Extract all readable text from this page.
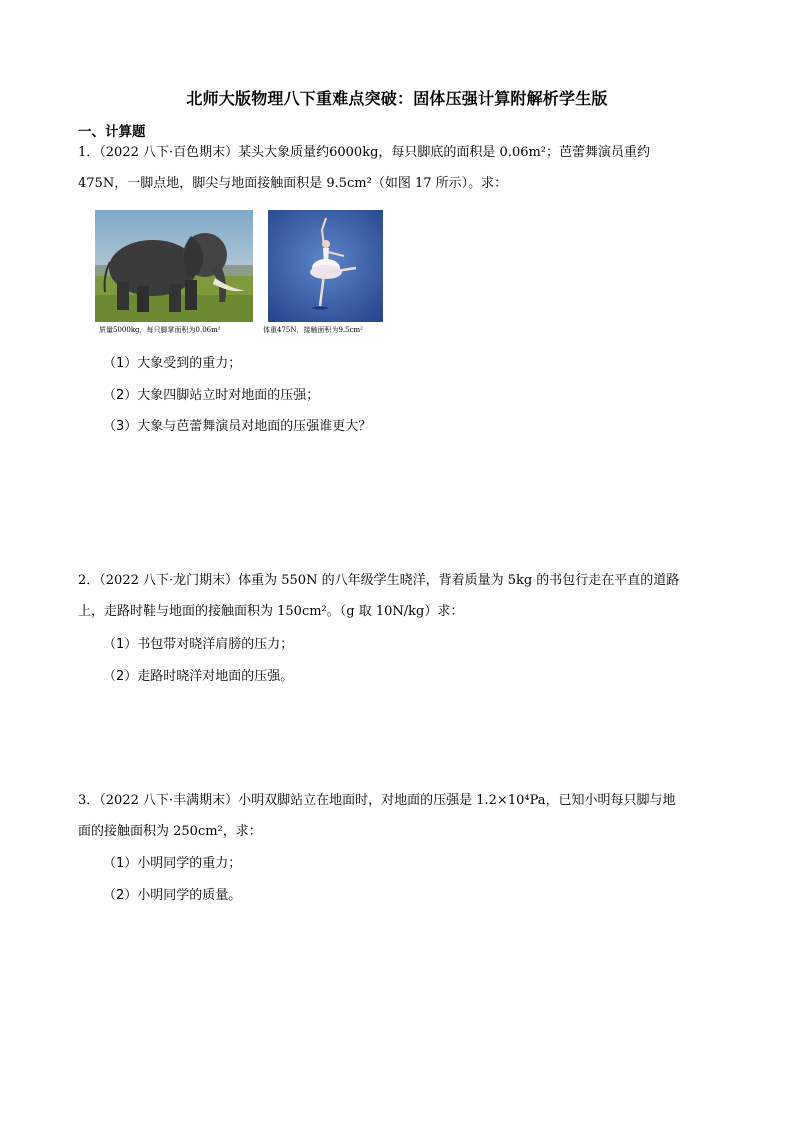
北师大版物理八下重难点突破：固体压强计算附解析学生版
一、计算题
1．（2022 八下·百色期末）某头大象质量约6000kg，每只脚底的面积是 0.06m²；芭蕾舞演员重约
475N，一脚点地，脚尖与地面接触面积是 9.5cm²（如图 17 所示）。求：
质量5000kg，每只脚掌面积为0.06m²	体重475N，接触面积为9.5cm²
（1）大象受到的重力；
（2）大象四脚站立时对地面的压强；
（3）大象与芭蕾舞演员对地面的压强谁更大？
2．（2022 八下·龙门期末）体重为 550N 的八年级学生晓洋，背着质量为 5kg 的书包行走在平直的道路
上，走路时鞋与地面的接触面积为 150cm²。（g 取 10N/kg）求：
（1）书包带对晓洋肩膀的压力；
（2）走路时晓洋对地面的压强。
3．（2022 八下·丰满期末）小明双脚站立在地面时，对地面的压强是 1.2×10⁴Pa，已知小明每只脚与地
面的接触面积为 250cm²，求：
（1）小明同学的重力；
（2）小明同学的质量。
